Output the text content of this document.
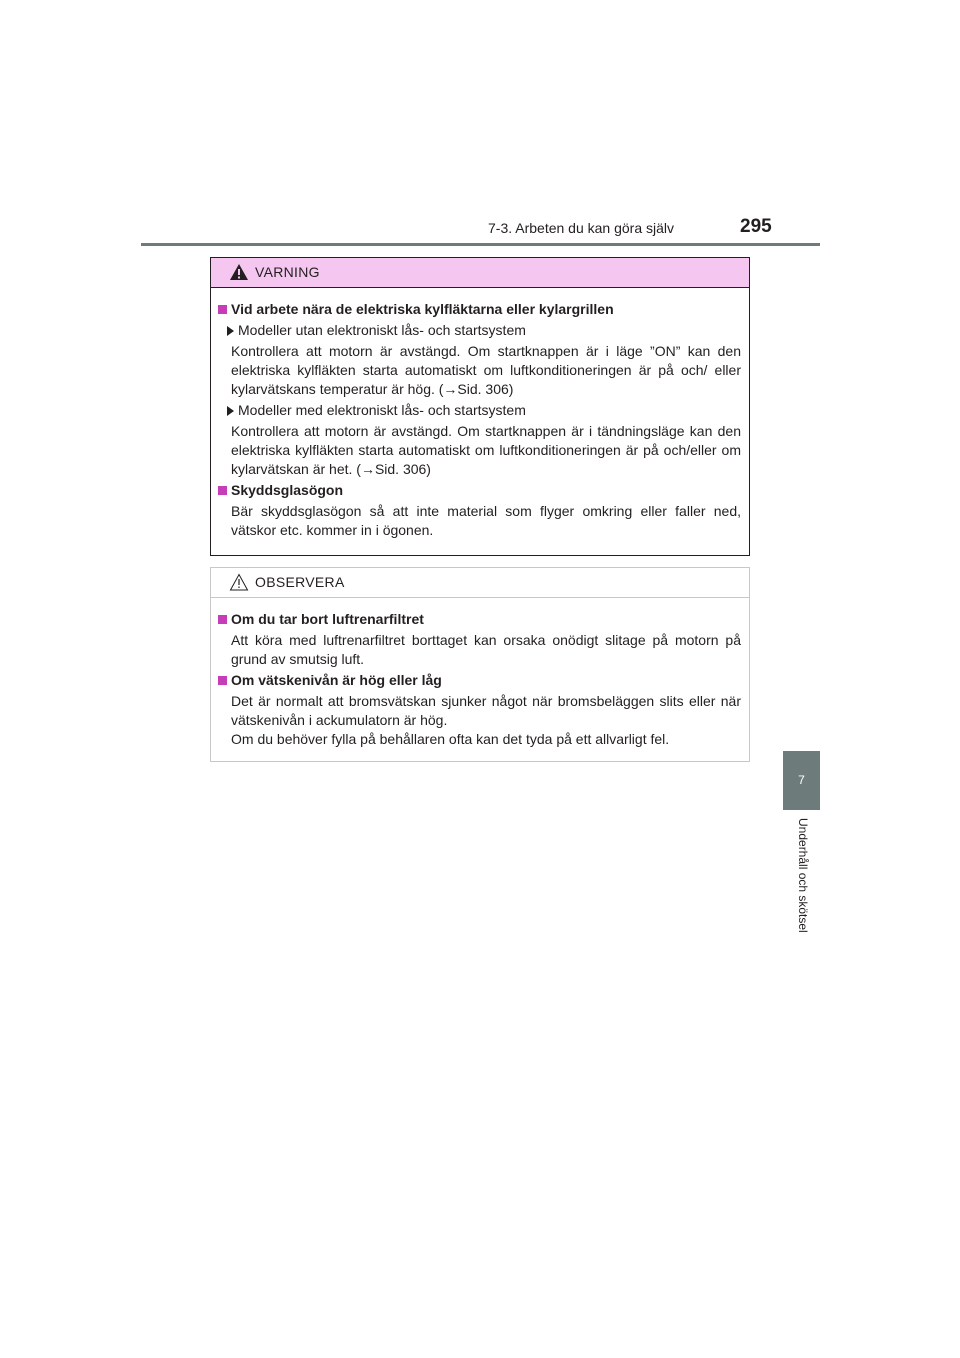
7-3. Arbeten du kan göra själv	295
7
Underhåll och skötsel
VARNING

Vid arbete nära de elektriska kylfläktarna eller kylargrillen

Modeller utan elektroniskt lås- och startsystem

Kontrollera att motorn är avstängd. Om startknappen är i läge ”ON” kan den elektriska kylfläkten starta automatiskt om luftkonditioneringen är på och/ eller kylarvätskans temperatur är hög. (→Sid. 306)

Modeller med elektroniskt lås- och startsystem

Kontrollera att motorn är avstängd. Om startknappen är i tändningsläge kan den elektriska kylfläkten starta automatiskt om luftkonditioneringen är på och/eller om kylarvätskan är het. (→Sid. 306)

Skyddsglasögon

Bär skyddsglasögon så att inte material som flyger omkring eller faller ned, vätskor etc. kommer in i ögonen.

OBSERVERA

Om du tar bort luftrenarfiltret

Att köra med luftrenarfiltret borttaget kan orsaka onödigt slitage på motorn på grund av smutsig luft.

Om vätskenivån är hög eller låg

Det är normalt att bromsvätskan sjunker något när bromsbeläggen slits eller när vätskenivån i ackumulatorn är hög.

Om du behöver fylla på behållaren ofta kan det tyda på ett allvarligt fel.
